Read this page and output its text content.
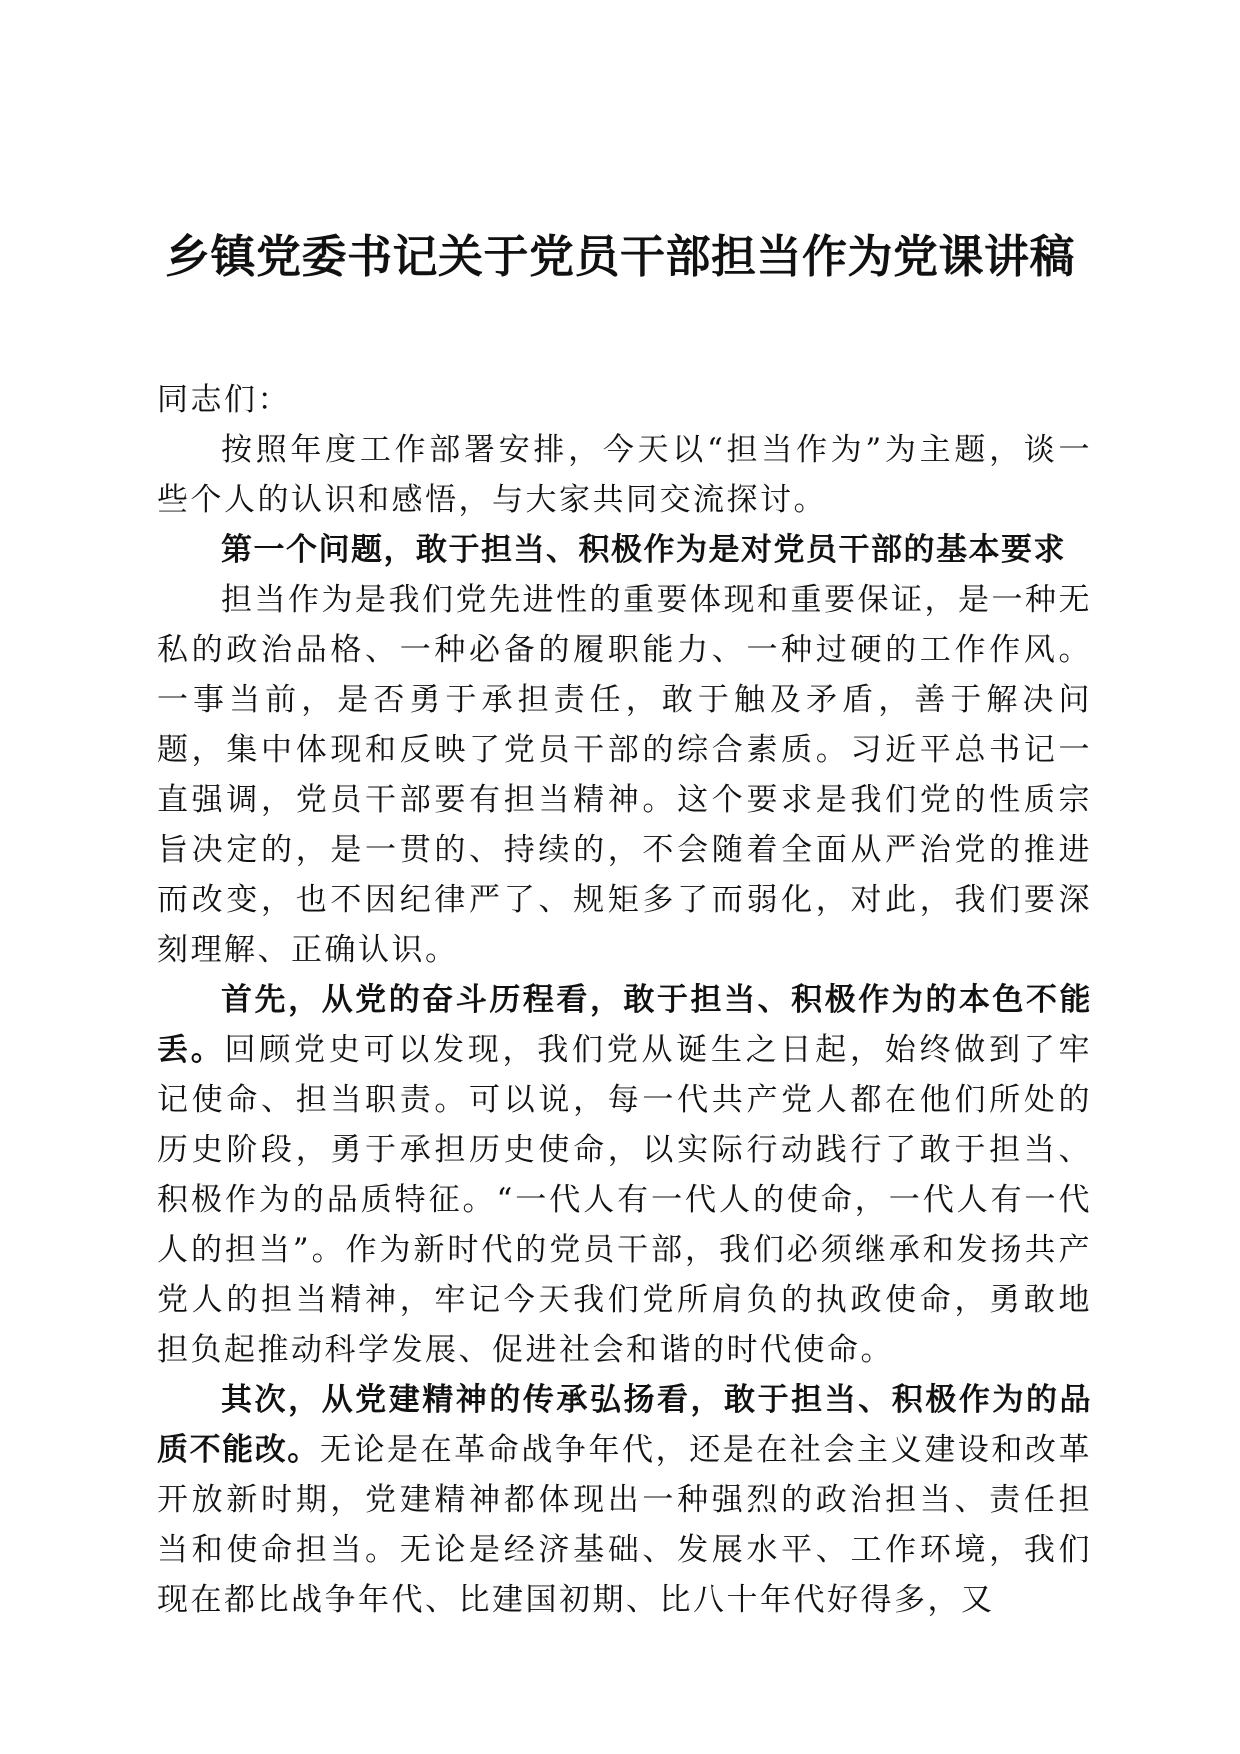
乡镇党委书记关于党员干部担当作为党课讲稿

同志们：

按照年度工作部署安排，今天以“担当作为”为主题，谈一些个人的认识和感悟，与大家共同交流探讨。

第一个问题，敢于担当、积极作为是对党员干部的基本要求

担当作为是我们党先进性的重要体现和重要保证，是一种无私的政治品格、一种必备的履职能力、一种过硬的工作作风。一事当前，是否勇于承担责任，敢于触及矛盾，善于解决问题，集中体现和反映了党员干部的综合素质。习近平总书记一直强调，党员干部要有担当精神。这个要求是我们党的性质宗旨决定的，是一贯的、持续的，不会随着全面从严治党的推进而改变，也不因纪律严了、规矩多了而弱化，对此，我们要深刻理解、正确认识。

首先，从党的奋斗历程看，敢于担当、积极作为的本色不能丢。回顾党史可以发现，我们党从诞生之日起，始终做到了牢记使命、担当职责。可以说，每一代共产党人都在他们所处的历史阶段，勇于承担历史使命，以实际行动践行了敢于担当、积极作为的品质特征。“一代人有一代人的使命，一代人有一代人的担当”。作为新时代的党员干部，我们必须继承和发扬共产党人的担当精神，牢记今天我们党所肩负的执政使命，勇敢地担负起推动科学发展、促进社会和谐的时代使命。

其次，从党建精神的传承弘扬看，敢于担当、积极作为的品质不能改。无论是在革命战争年代，还是在社会主义建设和改革开放新时期，党建精神都体现出一种强烈的政治担当、责任担当和使命担当。无论是经济基础、发展水平、工作环境，我们现在都比战争年代、比建国初期、比八十年代好得多，又
